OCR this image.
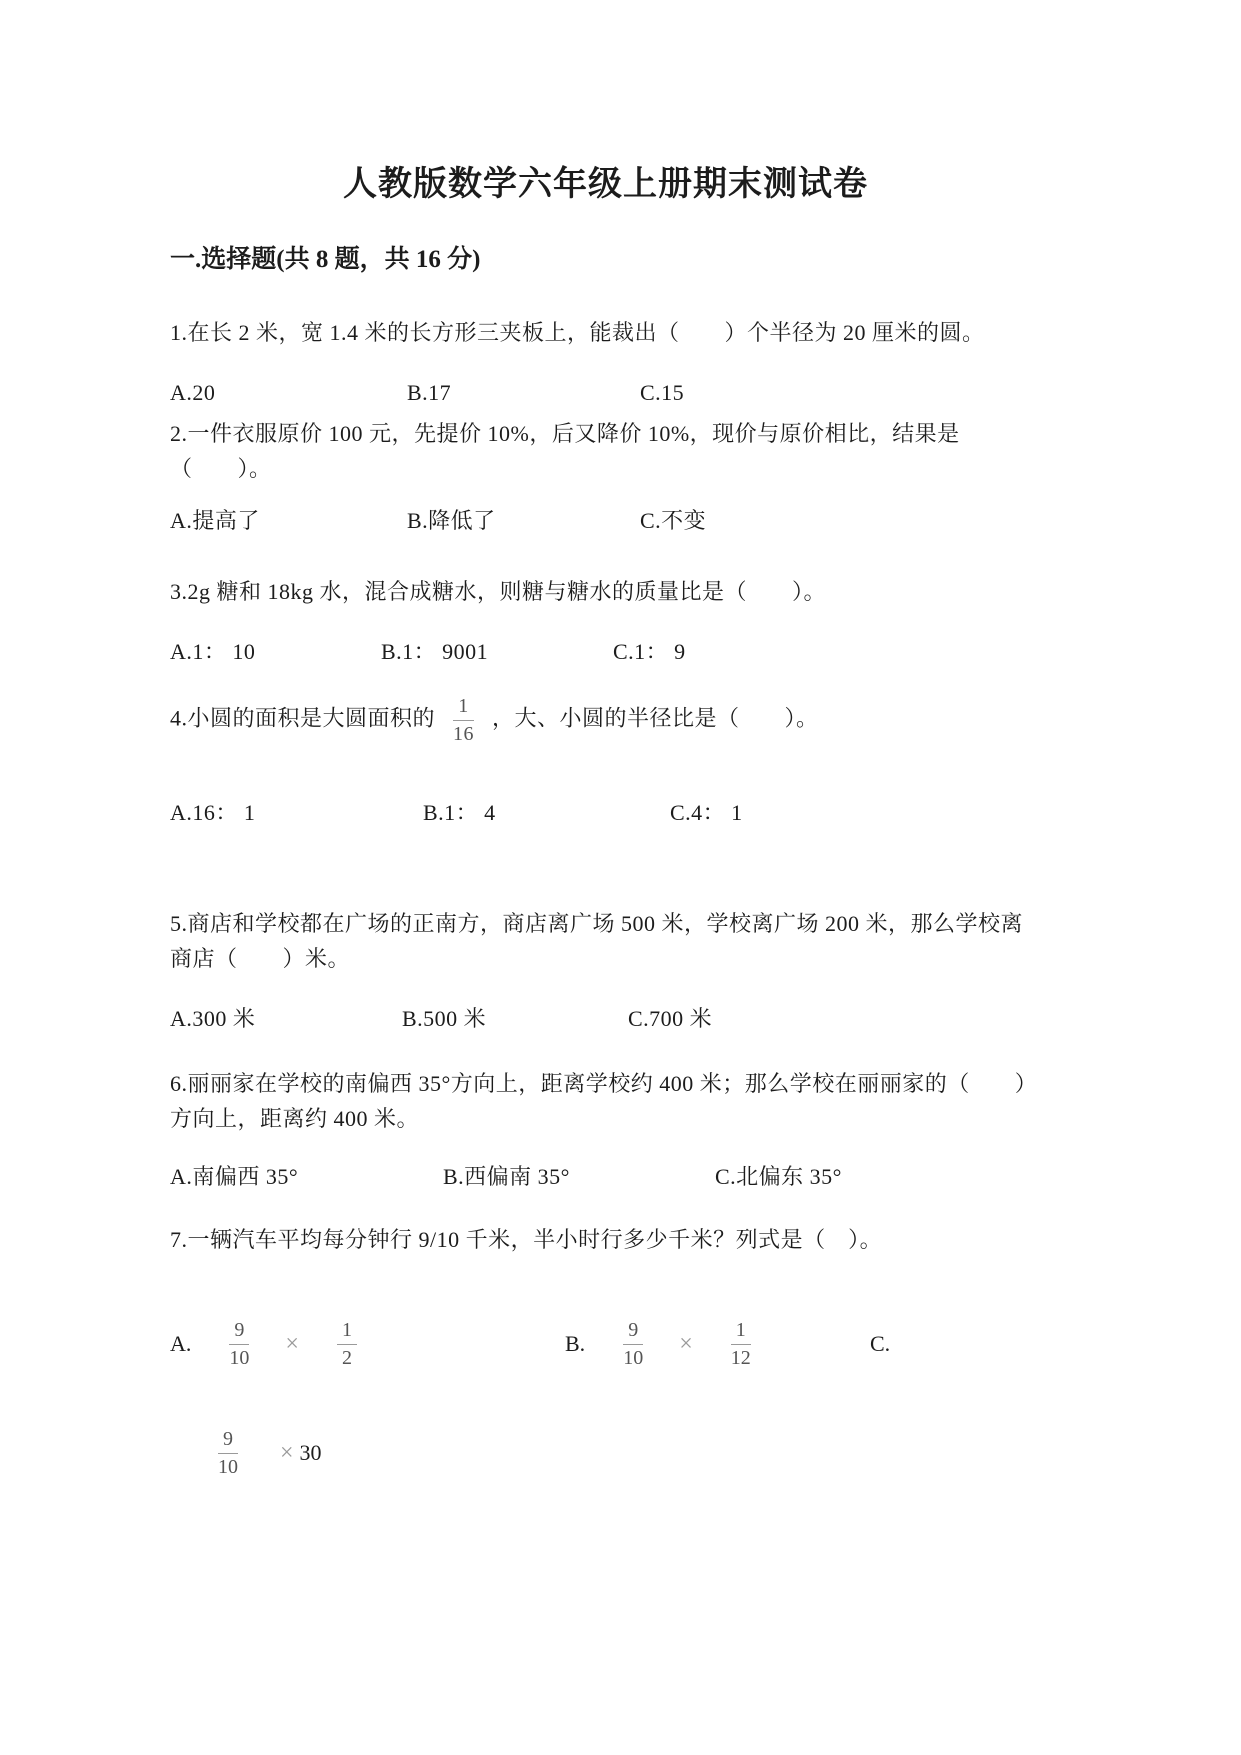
人教版数学六年级上册期末测试卷
一.选择题(共 8 题，共 16 分)

1.在长 2 米，宽 1.4 米的长方形三夹板上，能裁出（　　）个半径为 20 厘米的圆。

A.20	B.17	C.15

2.一件衣服原价 100 元，先提价 10%，后又降价 10%，现价与原价相比，结果是（　　）。

A.提高了	B.降低了	C.不变

3.2g 糖和 18kg 水，混合成糖水，则糖与糖水的质量比是（　　）。

A.1： 10	B.1： 9001	C.1： 9

4.小圆的面积是大圆面积的 $\frac{1}{16}$ ，大、小圆的半径比是（　　）。

A.16： 1	B.1： 4	C.4： 1

5.商店和学校都在广场的正南方，商店离广场 500 米，学校离广场 200 米，那么学校离商店（　　）米。

A.300 米	B.500 米	C.700 米

6.丽丽家在学校的南偏西 35°方向上，距离学校约 400 米；那么学校在丽丽家的（　　）方向上，距离约 400 米。

A.南偏西 35°	B.西偏南 35°	C.北偏东 35°

7.一辆汽车平均每分钟行 9/10 千米，半小时行多少千米？列式是（　）。

A. $\frac{9}{10} \times \frac{1}{2}$	B. $\frac{9}{10} \times \frac{1}{12}$	C.
$\frac{9}{10} \times 30$
